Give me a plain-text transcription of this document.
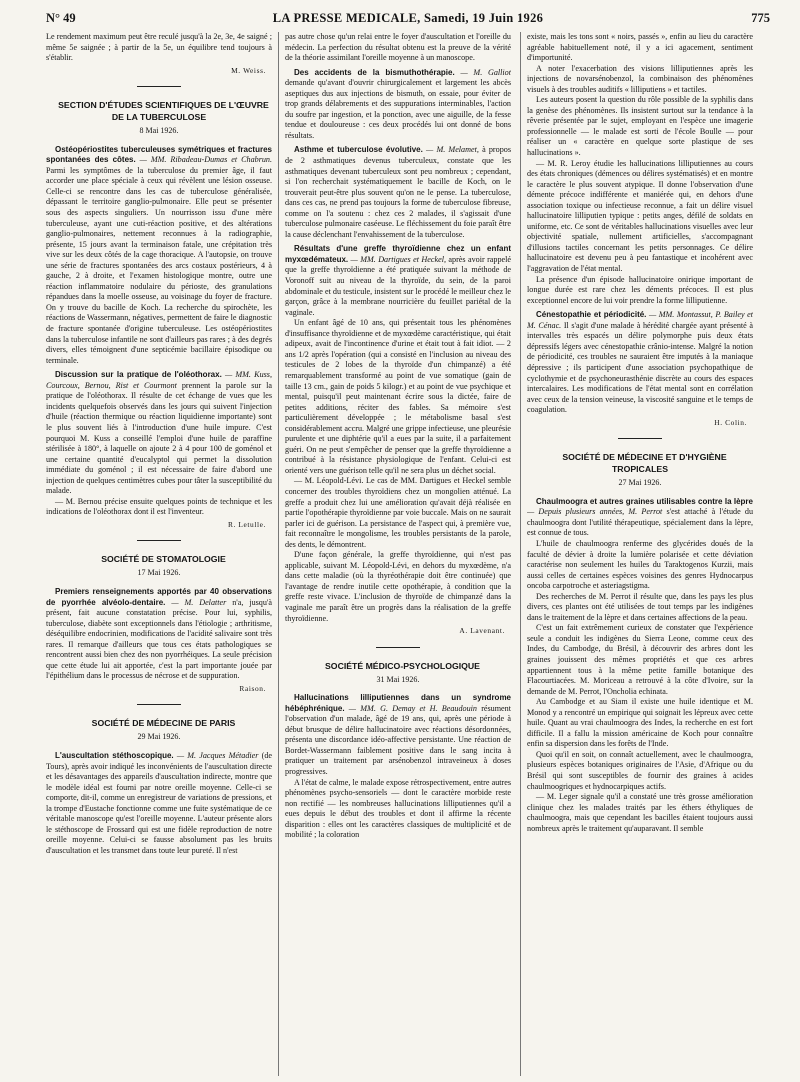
N° 49	LA PRESSE MEDICALE, Samedi, 19 Juin 1926	775

Le rendement maximum peut être reculé jusqu'à la 2e, 3e, 4e saigné ; même 5e saignée ; à partir de la 5e, un équilibre tend toujours à s'établir.

M. Weiss.

SECTION D'ÉTUDES SCIENTIFIQUES DE L'ŒUVRE DE LA TUBERCULOSE

8 Mai 1926.

Ostéopériostites tuberculeuses symétriques et fractures spontanées des côtes. — MM. Ribadeau-Dumas et Chabrun. Parmi les symptômes de la tuberculose du premier âge, il faut accorder une place spéciale à ceux qui révèlent une lésion osseuse. Celle-ci se rencontre dans les cas de tuberculose généralisée, dépassant le territoire ganglio-pulmonaire. Elle peut se présenter sous des aspects singuliers. Un nourrisson issu d'une mère tuberculeuse, ayant une cuti-réaction positive, et des altérations ganglio-pulmonaires, nettement reconnues à la radiographie, présente, 15 jours avant la terminaison fatale, une crépitation très vive sur les deux côtés de la cage thoracique. A l'autopsie, on trouve une série de fractures spontanées des arcs costaux postérieurs, 4 à gauche, 2 à droite, et l'examen histologique montre, outre une réaction inflammatoire nodulaire du périoste, des granulations répandues dans la moelle osseuse, au voisinage du foyer de fracture. On y trouve du bacille de Koch. La recherche du spirochète, les réactions de Wassermann, négatives, permettent de faire le diagnostic de fracture spontanée d'origine tuberculeuse. Les ostéopériostites dans la tuberculose infantile ne sont d'ailleurs pas rares ; à des degrés divers, elles témoignent d'une septicémie bacillaire épisodique ou terminale.

Discussion sur la pratique de l'oléothorax. — MM. Kuss, Courcoux, Bernou, Rist et Courmont prennent la parole sur la pratique de l'oléothorax. Il résulte de cet échange de vues que les incidents quelquefois observés dans les jours qui suivent l'injection d'huile (réaction thermique ou réaction liquidienne importante) sont le plus souvent liés à l'introduction d'une huile impure. C'est pourquoi M. Kuss a conseillé l'emploi d'une huile de paraffine stérilisée à 180°, à laquelle on ajoute 2 à 4 pour 100 de goménol et une certaine quantité d'eucalyptol qui permet la dissolution immédiate du goménol ; il est nécessaire de faire d'abord une injection de quelques centimètres cubes pour tâter la susceptibilité du malade.

— M. Bernou précise ensuite quelques points de technique et les indications de l'oléothorax dont il est l'inventeur.

R. Letulle.

SOCIÉTÉ DE STOMATOLOGIE

17 Mai 1926.

Premiers renseignements apportés par 40 observations de pyorrhée alvéolo-dentaire. — M. Delatter n'a, jusqu'à présent, fait aucune constatation précise. Pour lui, syphilis, tuberculose, diabète sont exceptionnels dans l'étiologie ; arthritisme, déséquilibre endocrinien, modifications de l'acidité salivaire sont très rares. Il remarque d'ailleurs que tous ces états pathologiques se rencontrent aussi bien chez des non pyorrhéiques. La seule précision que cette étude lui ait apportée, c'est la part importante jouée par l'épithélium dans le processus de nécrose et de suppuration.

Raison.

SOCIÉTÉ DE MÉDECINE DE PARIS

29 Mai 1926.

L'auscultation stéthoscopique. — M. Jacques Métadier (de Tours), après avoir indiqué les inconvénients de l'auscultation directe et les désavantages des appareils d'auscultation indirecte, montre que le modèle idéal est fourni par notre oreille moyenne. Celle-ci se comporte, dit-il, comme un enregistreur de variations de pressions, et la trompe d'Eustache fonctionne comme une fuite systématique de ce véritable manoscope qu'est l'oreille moyenne. L'auteur présente alors le stéthoscope de Frossard qui est une fidèle reproduction de notre oreille moyenne. Celui-ci se fausse absolument pas les bruits d'auscultation et les transmet dans toute leur pureté. Il n'est

pas autre chose qu'un relai entre le foyer d'auscultation et l'oreille du médecin. La perfection du résultat obtenu est la preuve de la vérité de la théorie assimilant l'oreille moyenne à un manoscope.

Des accidents de la bismuthothérapie. — M. Galliot demande qu'avant d'ouvrir chirurgicalement et largement les abcès aseptiques dus aux injections de bismuth, on essaie, pour éviter de trop grands délabrements et des suppurations interminables, l'action du soufre par ingestion, et la ponction, avec une aiguille, de la fesse tendue et douloureuse : ces deux procédés lui ont donné de bons résultats.

Asthme et tuberculose évolutive. — M. Melamet, à propos de 2 asthmatiques devenus tuberculeux, constate que les asthmatiques devenant tuberculeux sont peu nombreux ; cependant, si l'on recherchait systématiquement le bacille de Koch, on le trouverait peut-être plus souvent qu'on ne le pense. La tuberculose, dans ces cas, ne prend pas toujours la forme de tuberculose fibreuse, comme on l'a soutenu : chez ces 2 malades, il s'agissait d'une tuberculose pulmonaire caséeuse. Le fléchissement du foie paraît être la cause déclenchant l'envahissement de la tuberculose.

Résultats d'une greffe thyroïdienne chez un enfant myxœdémateux. — MM. Dartigues et Heckel, après avoir rappelé que la greffe thyroïdienne a été pratiquée suivant la méthode de Voronoff suit au niveau de la thyroïde, du sein, de la paroi abdominale et du testicule, insistent sur le procédé le meilleur chez le garçon, grâce à la membrane nourricière du feuillet pariétal de la vaginale.

Un enfant âgé de 10 ans, qui présentait tous les phénomènes d'insuffisance thyroïdienne et de myxœdème caractéristique, qui était adipeux, avait de l'incontinence d'urine et était tout à fait idiot. — 2 ans 1/2 après l'opération (qui a consisté en l'inclusion au niveau des testicules de 2 lobes de la thyroïde d'un chimpanzé) a été remarquablement transformé au point de vue somatique (gain de taille 13 cm., gain de poids 5 kilogr.) et au point de vue psychique et mental, puisqu'il peut maintenant écrire sous la dictée, faire de petites additions, réciter des fables. Sa mémoire s'est particulièrement développée ; le métabolisme basal s'est considérablement accru. Malgré une grippe infectieuse, une pleurésie purulente et une diphtérie qu'il a eues par la suite, il a parfaitement guéri. On ne peut s'empêcher de penser que la greffe thyroïdienne a contribué à la résistance physiologique de l'enfant. Celui-ci est orienté vers une guérison telle qu'il ne sera plus un déchet social.

— M. Léopold-Lévi. Le cas de MM. Dartigues et Heckel semble concerner des troubles thyroïdiens chez un mongolien atténué. La greffe a produit chez lui une amélioration qu'avait déjà réalisée en partie l'opothérapie thyroïdienne par voie buccale. Mais on ne saurait parler ici de guérison. La persistance de l'aspect qui, à première vue, fait reconnaître le mongolisme, les troubles persistants de la parole, des dents, le démontrent.

D'une façon générale, la greffe thyroïdienne, qui n'est pas applicable, suivant M. Léopold-Lévi, en dehors du myxœdème, n'a dans cette maladie (où la thyréothérapie doit être continuée) que l'avantage de rendre inutile cette opothérapie, à condition que la greffe reste vivace. L'inclusion de thyroïde de chimpanzé dans la vaginale me paraît être un progrès dans la réalisation de la greffe thyroïdienne.

A. Lavenant.

SOCIÉTÉ MÉDICO-PSYCHOLOGIQUE

31 Mai 1926.

Hallucinations lilliputiennes dans un syndrome hébéphrénique. — MM. G. Demay et H. Beaudouin résument l'observation d'un malade, âgé de 19 ans, qui, après une période à début brusque de délire hallucinatoire avec réactions désordonnées, présenta une discordance idéo-affective persistante. Une réaction de Bordet-Wassermann faiblement positive dans le sang incita à pratiquer un traitement par arsénobenzol intraveineux à doses progressives.

A l'état de calme, le malade expose rétrospectivement, entre autres phénomènes psycho-sensoriels — dont le caractère morbide reste non rectifié — les nombreuses hallucinations lilliputiennes qu'il a eues depuis le début des troubles et dont il affirme la récente disparition : elles ont les caractères classiques de multiplicité et de mobilité ; la coloration

existe, mais les tons sont « noirs, passés », enfin au lieu du caractère agréable habituellement noté, il y a ici agacement, sentiment d'importunité.

A noter l'exacerbation des visions lilliputiennes après les injections de novarsénobenzol, la combinaison des phénomènes visuels à des troubles auditifs « lilliputiens » et tactiles.

Les auteurs posent la question du rôle possible de la syphilis dans la genèse des phénomènes. Ils insistent surtout sur la tendance à la rêverie présentée par le sujet, employant en l'espèce une imagerie professionnelle — le malade est sorti de l'école Boulle — pour réaliser un « caractère en quelque sorte plastique de ses hallucinations ».

— M. R. Leroy étudie les hallucinations lilliputiennes au cours des états chroniques (démences ou délires systématisés) et en montre le caractère le plus souvent atypique. Il donne l'observation d'une démente précoce indifférente et maniérée qui, en dehors d'une association toxique ou infectieuse reconnue, a fait un délire visuel hallucinatoire lilliputien typique : petits anges, défilé de soldats en uniforme, etc. Ce sont de véritables hallucinations visuelles avec leur objectivité spatiale, nullement artificielles, s'accompagnant d'illusions tactiles concernant les petits personnages. Ce délire hallucinatoire est devenu peu à peu fantastique et incohérent avec l'aggravation de l'état mental.

La présence d'un épisode hallucinatoire onirique important de longue durée est rare chez les déments précoces. Il est plus exceptionnel encore de lui voir prendre la forme lilliputienne.

Cénestopathie et périodicité. — MM. Montassut, P. Bailey et M. Cénac. Il s'agit d'une malade à hérédité chargée ayant présenté à intervalles très espacés un délire polymorphe puis deux états dépressifs légers avec cénestopathie crânio-intense. Malgré la notion de périodicité, ces troubles ne sauraient être imputés à la maniaque dépressive ; ils participent d'une association psychopathique de cyclothymie et de psychoneurasthénie discrète au cours des espaces intercalaires. Les modifications de l'état mental sont en corrélation avec ceux de la tension veineuse, la viscosité sanguine et le temps de coagulation.

H. Colin.

SOCIÉTÉ DE MÉDECINE ET D'HYGIÈNE TROPICALES

27 Mai 1926.

Chaulmoogra et autres graines utilisables contre la lèpre — Depuis plusieurs années, M. Perrot s'est attaché à l'étude du chaulmoogra dont l'utilité thérapeutique, spécialement dans la lèpre, est connue de tous.

L'huile de chaulmoogra renferme des glycérides doués de la faculté de dévier à droite la lumière polarisée et cette déviation caractérise non seulement les huiles du Taraktogenos Kurzii, mais aussi celles de certaines espèces voisines des genres Hydnocarpus oncoba carpotroche et asteriagstigma.

Des recherches de M. Perrot il résulte que, dans les pays les plus divers, ces plantes ont été utilisées de tout temps par les indigènes dans le traitement de la lèpre et dans certaines affections de la peau.

C'est un fait extrêmement curieux de constater que l'expérience seule a conduit les indigènes du Sierra Leone, comme ceux des Indes, du Cambodge, du Brésil, à découvrir des arbres dont les graines jouissent des mêmes propriétés et que ces arbres appartiennent tous à la même petite famille botanique des Flacourtiacées. M. Moriceau a retrouvé à la côte d'Ivoire, sur la demande de M. Perrot, l'Oncholia echinata.

Au Cambodge et au Siam il existe une huile identique et M. Monod y a rencontré un empirique qui soignait les lépreux avec cette huile. Quant au vrai chaulmoogra des Indes, la recherche en est fort difficile. Il a fallu la mission américaine de Koch pour connaître enfin sa dispersion dans les forêts de l'Inde.

Quoi qu'il en soit, on connaît actuellement, avec le chaulmoogra, plusieurs espèces botaniques originaires de l'Asie, d'Afrique ou du Brésil qui sont susceptibles de fournir des graines à acides chaulmoogriques et hydnocarpiques actifs.

— M. Leger signale qu'il a constaté une très grosse amélioration clinique chez les malades traités par les éthers éthyliques de chaulmoogra, mais que cependant les bacilles étaient toujours aussi nombreux après le traitement qu'auparavant. Il semble
